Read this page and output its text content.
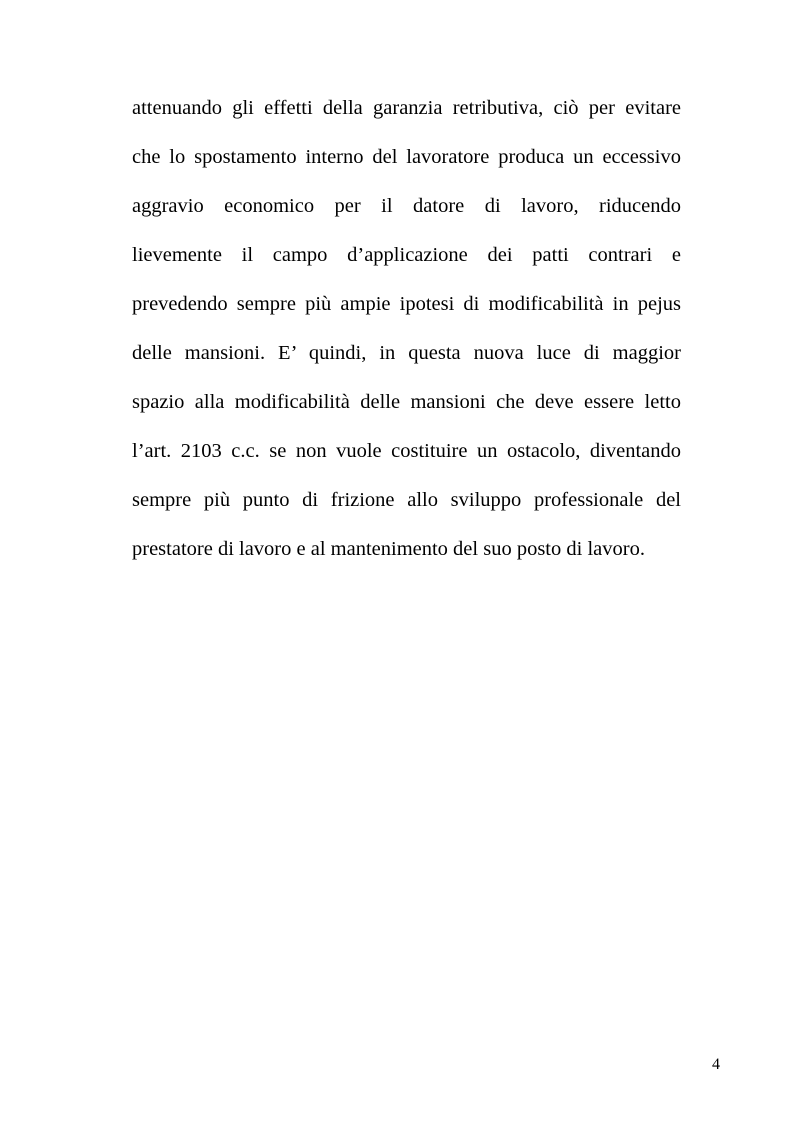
attenuando gli effetti della garanzia retributiva, ciò per evitare
che lo spostamento interno del lavoratore produca un eccessivo
aggravio economico per il datore di lavoro, riducendo
lievemente il campo d’applicazione dei patti contrari e
prevedendo sempre più ampie ipotesi di modificabilità in pejus
delle mansioni. E’ quindi, in questa nuova luce di maggior
spazio alla modificabilità delle mansioni che deve essere letto
l’art. 2103 c.c. se non vuole costituire un ostacolo, diventando
sempre più punto di frizione allo sviluppo professionale del
prestatore di lavoro e al mantenimento del suo posto di lavoro.
4
